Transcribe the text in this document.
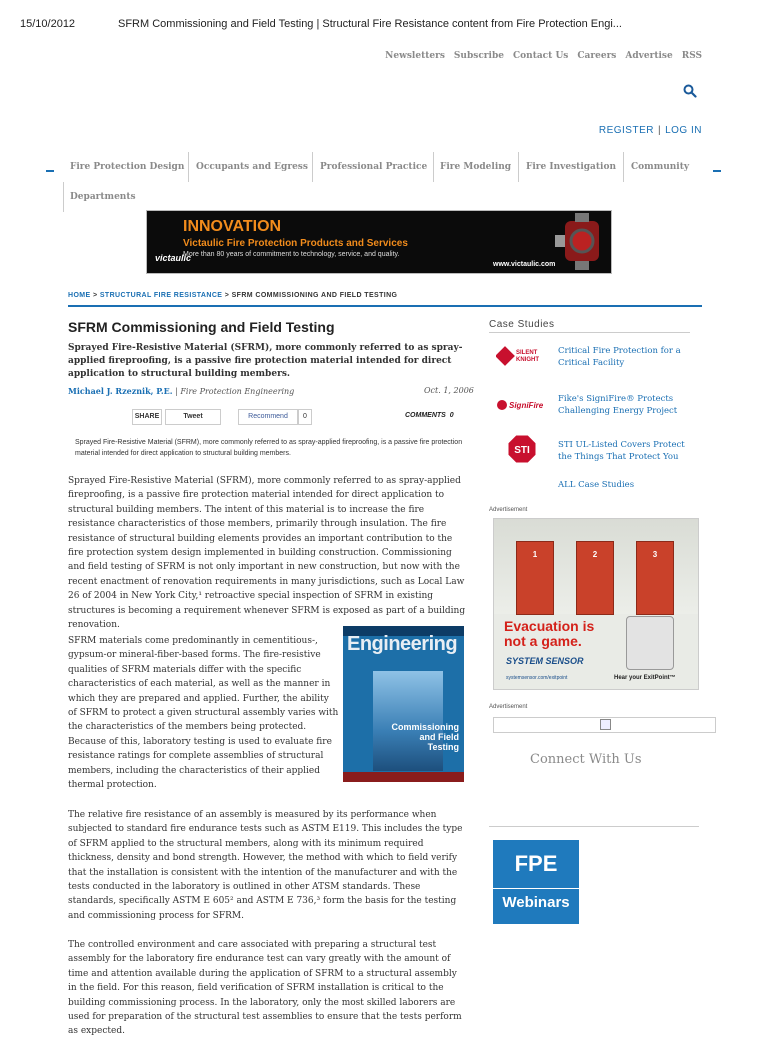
15/10/2012	SFRM Commissioning and Field Testing | Structural Fire Resistance content from Fire Protection Engi...
Newsletters Subscribe Contact Us Careers Advertise RSS
REGISTER | LOG IN
Fire Protection Design	Occupants and Egress	Professional Practice	Fire Modeling	Fire Investigation	Community
Departments
INNOVATION
Victaulic Fire Protection Products and Services
More than 80 years of commitment to technology, service, and quality.
victaulic
www.victaulic.com
HOME > STRUCTURAL FIRE RESISTANCE > SFRM COMMISSIONING AND FIELD TESTING
SFRM Commissioning and Field Testing
Sprayed Fire-Resistive Material (SFRM), more commonly referred to as spray-applied fireproofing, is a passive fire protection material intended for direct application to structural building members.
Michael J. Rzeznik, P.E. | Fire Protection Engineering	Oct. 1, 2006
SHARE	Tweet	Recommend	0	COMMENTS 0
Sprayed Fire-Resistive Material (SFRM), more commonly referred to as spray-applied fireproofing, is a passive fire protection material intended for direct application to structural building members.
Sprayed Fire-Resistive Material (SFRM), more commonly referred to as spray-applied fireproofing, is a passive fire protection material intended for direct application to structural building members. The intent of this material is to increase the fire resistance characteristics of those members, primarily through insulation. The fire resistance of structural building elements provides an important contribution to the fire protection system design implemented in building construction. Commissioning and field testing of SFRM is not only important in new construction, but now with the recent enactment of renovation requirements in many jurisdictions, such as Local Law 26 of 2004 in New York City,¹ retroactive special inspection of SFRM in existing structures is becoming a requirement whenever SFRM is exposed as part of a building renovation.
SFRM materials come predominantly in cementitious-, gypsum-or mineral-fiber-based forms. The fire-resistive qualities of SFRM materials differ with the specific characteristics of each material, as well as the manner in which they are prepared and applied. Further, the ability of SFRM to protect a given structural assembly varies with the characteristics of the members being protected. Because of this, laboratory testing is used to evaluate fire resistance ratings for complete assemblies of structural members, including the characteristics of their applied thermal protection.
Engineering
Commissioning and Field Testing
The relative fire resistance of an assembly is measured by its performance when subjected to standard fire endurance tests such as ASTM E119. This includes the type of SFRM applied to the structural members, along with its minimum required thickness, density and bond strength. However, the method with which to field verify that the installation is consistent with the intention of the manufacturer and with the tests conducted in the laboratory is outlined in other ATSM standards. These standards, specifically ASTM E 605² and ASTM E 736,³ form the basis for the testing and commissioning process for SFRM.
The controlled environment and care associated with preparing a structural test assembly for the laboratory fire endurance test can vary greatly with the amount of time and attention available during the application of SFRM to a structural assembly in the field. For this reason, field verification of SFRM installation is critical to the building commissioning process. In the laboratory, only the most skilled laborers are used for preparation of the structural test assemblies to ensure that the tests perform as expected.
Case Studies
SILENT
KNIGHT
Critical Fire Protection for a Critical Facility
SigniFire
Fike's SigniFire® Protects Challenging Energy Project
STI	STI UL-Listed Covers Protect the Things That Protect You
ALL Case Studies
Advertisement
1	2	3
Evacuation is not a game.
SYSTEM SENSOR
systemsensor.com/exitpoint	Hear your ExitPoint™
Advertisement
Connect With Us
FPE
Webinars
